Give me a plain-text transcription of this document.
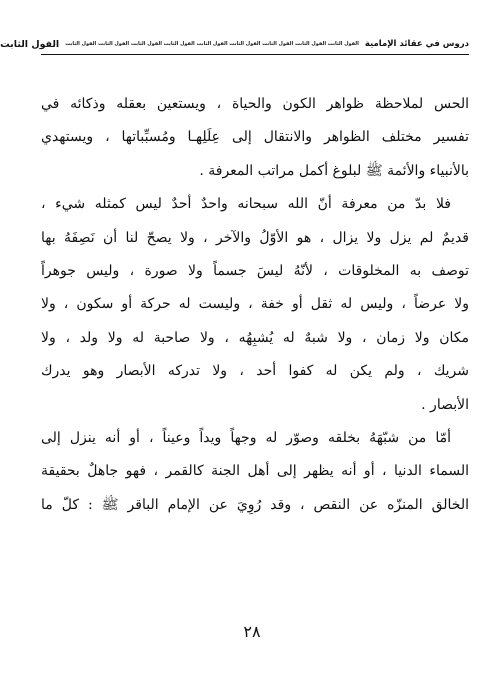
دروس في عقائد الإمامية
الفول الثابت الفول الثابت الفول الثابت الفول الثابت الفول الثابت الفول الثابت الفول الثابت الفول الثابت الفول الثابت
الفول الثابت
الحس لملاحظة ظواهر الكون والحياة ، ويستعين بعقله وذكائه في
تفسير مختلف الظواهر والانتقال إلى عِلَلِهـا ومُسبِّباتها ، ويستهدي
بالأنبياء والأئمة ﷺ لبلوغ أكمل مراتب المعرفة .
فلا بدّ من معرفة أنّ الله سبحانه واحدٌ أحدٌ ليس كمثله شيء ،
قديمٌ لم يزل ولا يزال ، هو الأوّلُ والآخر ، ولا يصحّ لنا أن نَصِفَهُ بها
توصف به المخلوقات ، لأنّهُ ليسَ جسماً ولا صورة ، وليس جوهراً
ولا عرضاً ، وليس له ثقل أو خفة ، وليست له حركة أو سكون ، ولا
مكان ولا زمان ، ولا شبهٌ له يُشبِهُه ، ولا صاحبة له ولا ولد ، ولا
شريك ، ولم يكن له كفوا أحد ، ولا تدركه الأبصار وهو يدرك
الأبصار .
أمّا من شبّهَهُ بخلقه وصوّر له وجهاً ويداً وعيناً ، أو أنه ينزل إلى
السماء الدنيا ، أو أنه يظهر إلى أهل الجنة كالقمر ، فهو جاهلٌ بحقيقة
الخالق المنزّه عن النقص ، وقد رُوِيَ عن الإمام الباقر ﷺ : كلّ ما
٢٨
